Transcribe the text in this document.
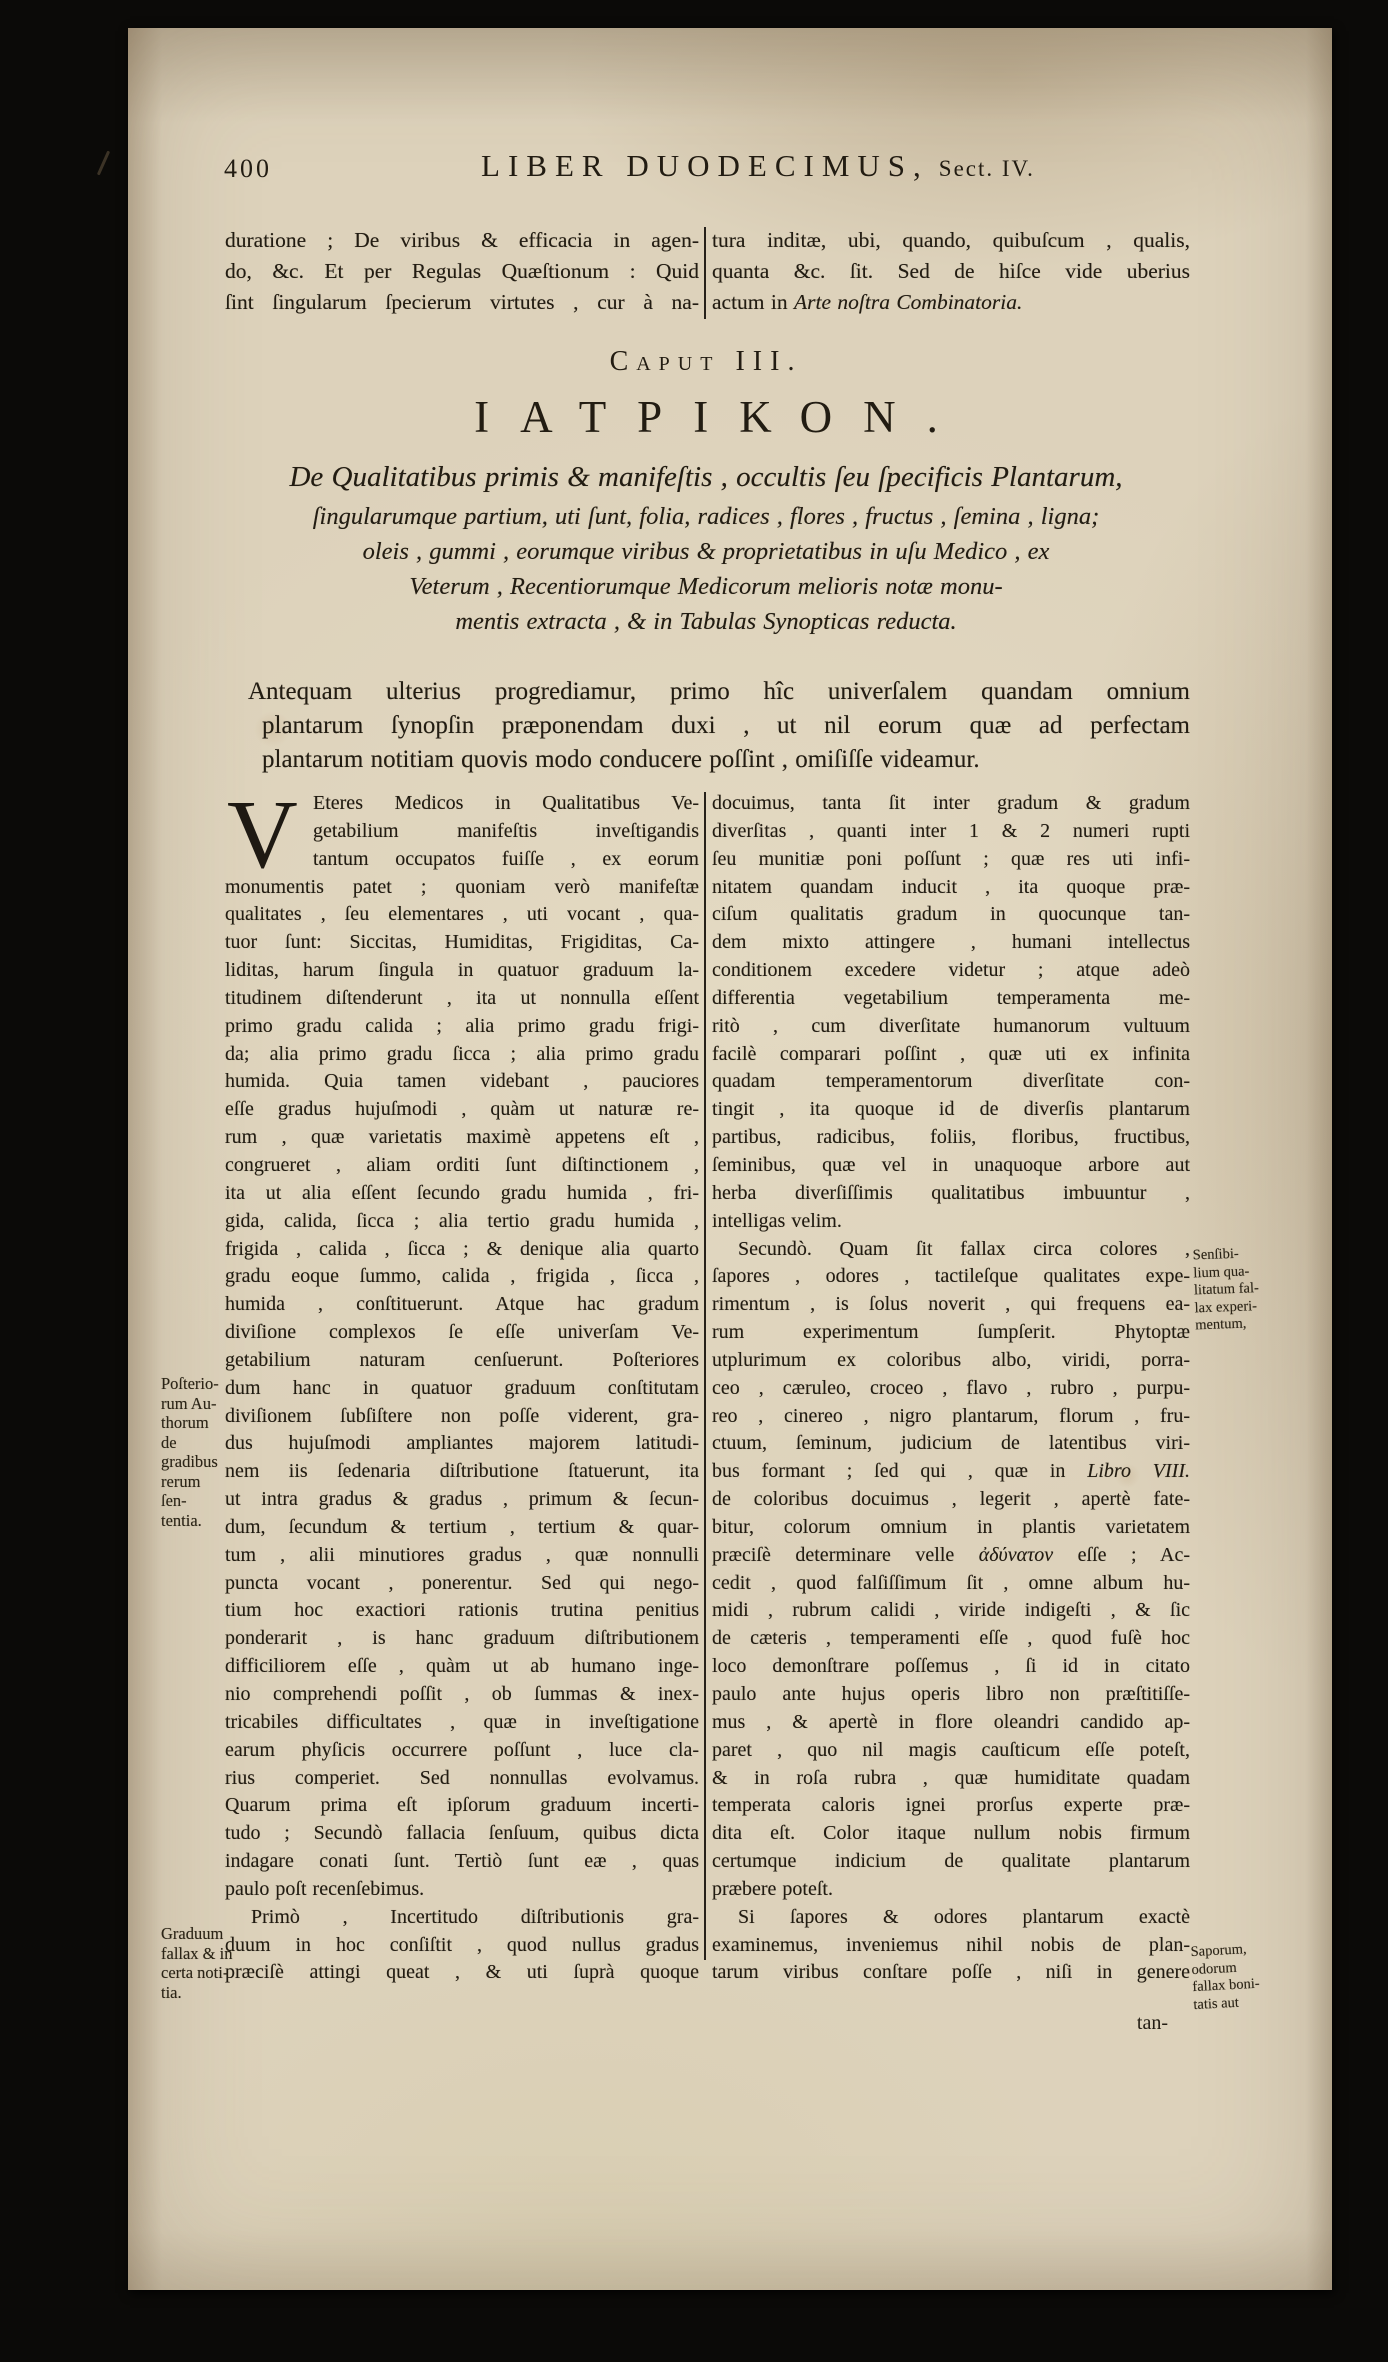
400	LIBER DUODECIMUS, Sect. IV.
duratione ; De viribus & efficacia in agen-
do, &c. Et per Regulas Quæſtionum : Quid
ſint ſingularum ſpecierum virtutes , cur à na-
tura inditæ, ubi, quando, quibuſcum , qualis,
quanta &c. ſit. Sed de hiſce vide uberius
actum in Arte noſtra Combinatoria.
Caput III.
ΙΑΤΡΙΚΟΝ.
De Qualitatibus primis & manifeſtis , occultis ſeu ſpecificis Plantarum,
ſingularumque partium, uti ſunt, folia, radices , flores , fructus , ſemina , ligna;
oleis , gummi , eorumque viribus & proprietatibus in uſu Medico , ex
Veterum , Recentiorumque Medicorum melioris notæ monu-
mentis extracta , & in Tabulas Synopticas reducta.
Antequam ulterius progrediamur, primo hîc univerſalem quandam omnium
plantarum ſynopſin præponendam duxi , ut nil eorum quæ ad perfectam
plantarum notitiam quovis modo conducere poſſint , omiſiſſe videamur.
V Eteres Medicos in Qualitatibus Ve-
getabilium manifeſtis inveſtigandis
tantum occupatos fuiſſe , ex eorum
monumentis patet ; quoniam verò manifeſtæ
qualitates , ſeu elementares , uti vocant , qua-
tuor ſunt: Siccitas, Humiditas, Frigiditas, Ca-
liditas, harum ſingula in quatuor graduum la-
titudinem diſtenderunt , ita ut nonnulla eſſent
primo gradu calida ; alia primo gradu frigi-
da; alia primo gradu ſicca ; alia primo gradu
humida. Quia tamen videbant , pauciores
eſſe gradus hujuſmodi , quàm ut naturæ re-
rum , quæ varietatis maximè appetens eſt ,
congrueret , aliam orditi ſunt diſtinctionem ,
ita ut alia eſſent ſecundo gradu humida , fri-
gida, calida, ſicca ; alia tertio gradu humida ,
frigida , calida , ſicca ; & denique alia quarto
gradu eoque ſummo, calida , frigida , ſicca ,
humida , conſtituerunt. Atque hac gradum
diviſione complexos ſe eſſe univerſam Ve-
getabilium naturam cenſuerunt. Poſteriores
dum hanc in quatuor graduum conſtitutam
diviſionem ſubſiſtere non poſſe viderent, gra-
dus hujuſmodi ampliantes majorem latitudi-
nem iis ſedenaria diſtributione ſtatuerunt, ita
ut intra gradus & gradus , primum & ſecun-
dum, ſecundum & tertium , tertium & quar-
tum , alii minutiores gradus , quæ nonnulli
puncta vocant , ponerentur. Sed qui nego-
tium hoc exactiori rationis trutina penitius
ponderarit , is hanc graduum diſtributionem
difficiliorem eſſe , quàm ut ab humano inge-
nio comprehendi poſſit , ob ſummas & inex-
tricabiles difficultates , quæ in inveſtigatione
earum phyſicis occurrere poſſunt , luce cla-
rius comperiet. Sed nonnullas evolvamus.
Quarum prima eſt ipſorum graduum incerti-
tudo ; Secundò fallacia ſenſuum, quibus dicta
indagare conati ſunt. Tertiò ſunt eæ , quas
paulo poſt recenſebimus.
Primò , Incertitudo diſtributionis gra-
duum in hoc conſiſtit , quod nullus gradus
præciſè attingi queat , & uti ſuprà quoque
docuimus, tanta ſit inter gradum & gradum
diverſitas , quanti inter 1 & 2 numeri rupti
ſeu munitiæ poni poſſunt ; quæ res uti infi-
nitatem quandam inducit , ita quoque præ-
ciſum qualitatis gradum in quocunque tan-
dem mixto attingere , humani intellectus
conditionem excedere videtur ; atque adeò
differentia vegetabilium temperamenta me-
ritò , cum diverſitate humanorum vultuum
facilè comparari poſſint , quæ uti ex infinita
quadam temperamentorum diverſitate con-
tingit , ita quoque id de diverſis plantarum
partibus, radicibus, foliis, floribus, fructibus,
ſeminibus, quæ vel in unaquoque arbore aut
herba diverſiſſimis qualitatibus imbuuntur ,
intelligas velim.
Secundò. Quam ſit fallax circa colores ,
ſapores , odores , tactileſque qualitates expe-
rimentum , is ſolus noverit , qui frequens ea-
rum experimentum ſumpſerit. Phytoptæ
utplurimum ex coloribus albo, viridi, porra-
ceo , cæruleo, croceo , flavo , rubro , purpu-
reo , cinereo , nigro plantarum, florum , fru-
ctuum, ſeminum, judicium de latentibus viri-
bus formant ; ſed qui , quæ in Libro VIII.
de coloribus docuimus , legerit , apertè fate-
bitur, colorum omnium in plantis varietatem
præciſè determinare velle ἀδύνατον eſſe ; Ac-
cedit , quod falſiſſimum ſit , omne album hu-
midi , rubrum calidi , viride indigeſti , & ſic
de cæteris , temperamenti eſſe , quod fuſè hoc
loco demonſtrare poſſemus , ſi id in citato
paulo ante hujus operis libro non præſtitiſſe-
mus , & apertè in flore oleandri candido ap-
paret , quo nil magis cauſticum eſſe poteſt,
& in roſa rubra , quæ humiditate quadam
temperata caloris ignei prorſus experte præ-
dita eſt. Color itaque nullum nobis firmum
certumque indicium de qualitate plantarum
præbere poteſt.
Si ſapores & odores plantarum exactè
examinemus, inveniemus nihil nobis de plan-
tarum viribus conſtare poſſe , niſi in genere
Poſterio-
rum Au-
thorum de
gradibus
rerum ſen-
tentia.
Graduum
fallax & in
certa noti-
tia.
Senſibi-
lium qua-
litatum fal-
lax experi-
mentum,
Saporum,
odorum
fallax boni-
tatis aut
tan-
